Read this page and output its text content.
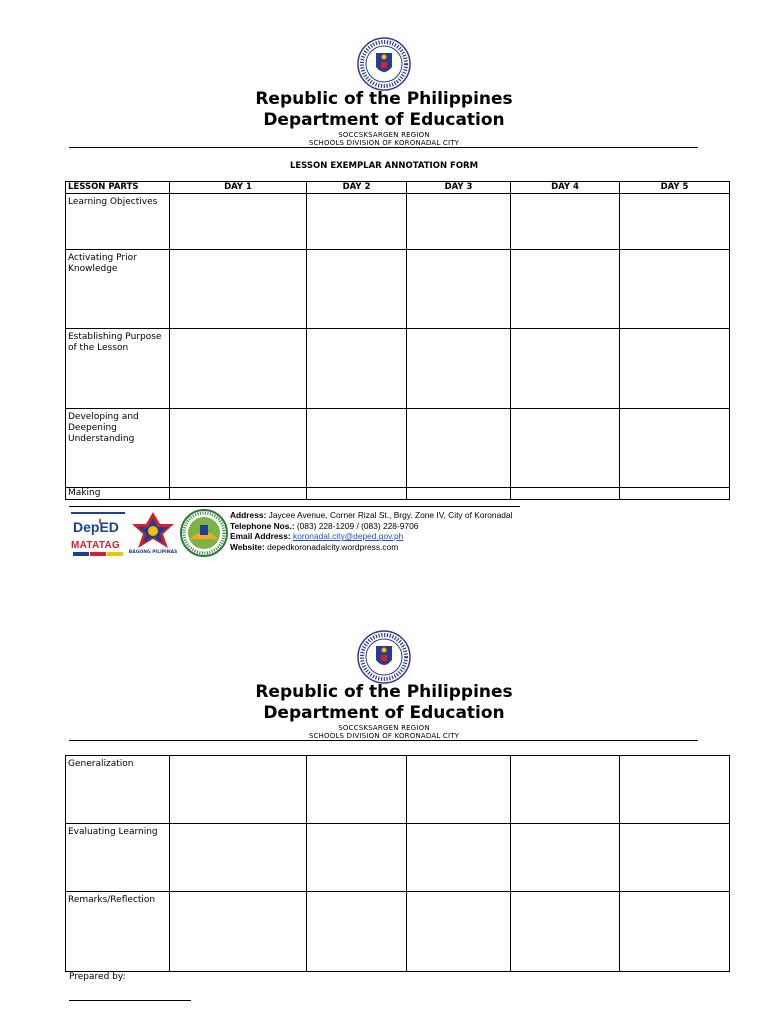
Republic of the Philippines
Department of Education
SOCCSKSARGEN REGION
SCHOOLS DIVISION OF KORONADAL CITY
LESSON EXEMPLAR ANNOTATION FORM
LESSON PARTS	DAY 1	DAY 2	DAY 3	DAY 4	DAY 5
Learning Objectives					
Activating Prior Knowledge					
Establishing Purpose of the Lesson					
Developing and Deepening Understanding					
Making					
DepED
MATATAG
BAGONG PILIPINAS
Address: Jaycee Avenue, Corner Rizal St., Brgy. Zone IV, City of Koronadal
Telephone Nos.: (083) 228-1209 / (083) 228-9706
Email Address: koronadal.city@deped.gov.ph
Website: depedkoronadalcity.wordpress.com
Republic of the Philippines
Department of Education
SOCCSKSARGEN REGION
SCHOOLS DIVISION OF KORONADAL CITY
Generalization					
Evaluating Learning					
Remarks/Reflection					
Prepared by:
